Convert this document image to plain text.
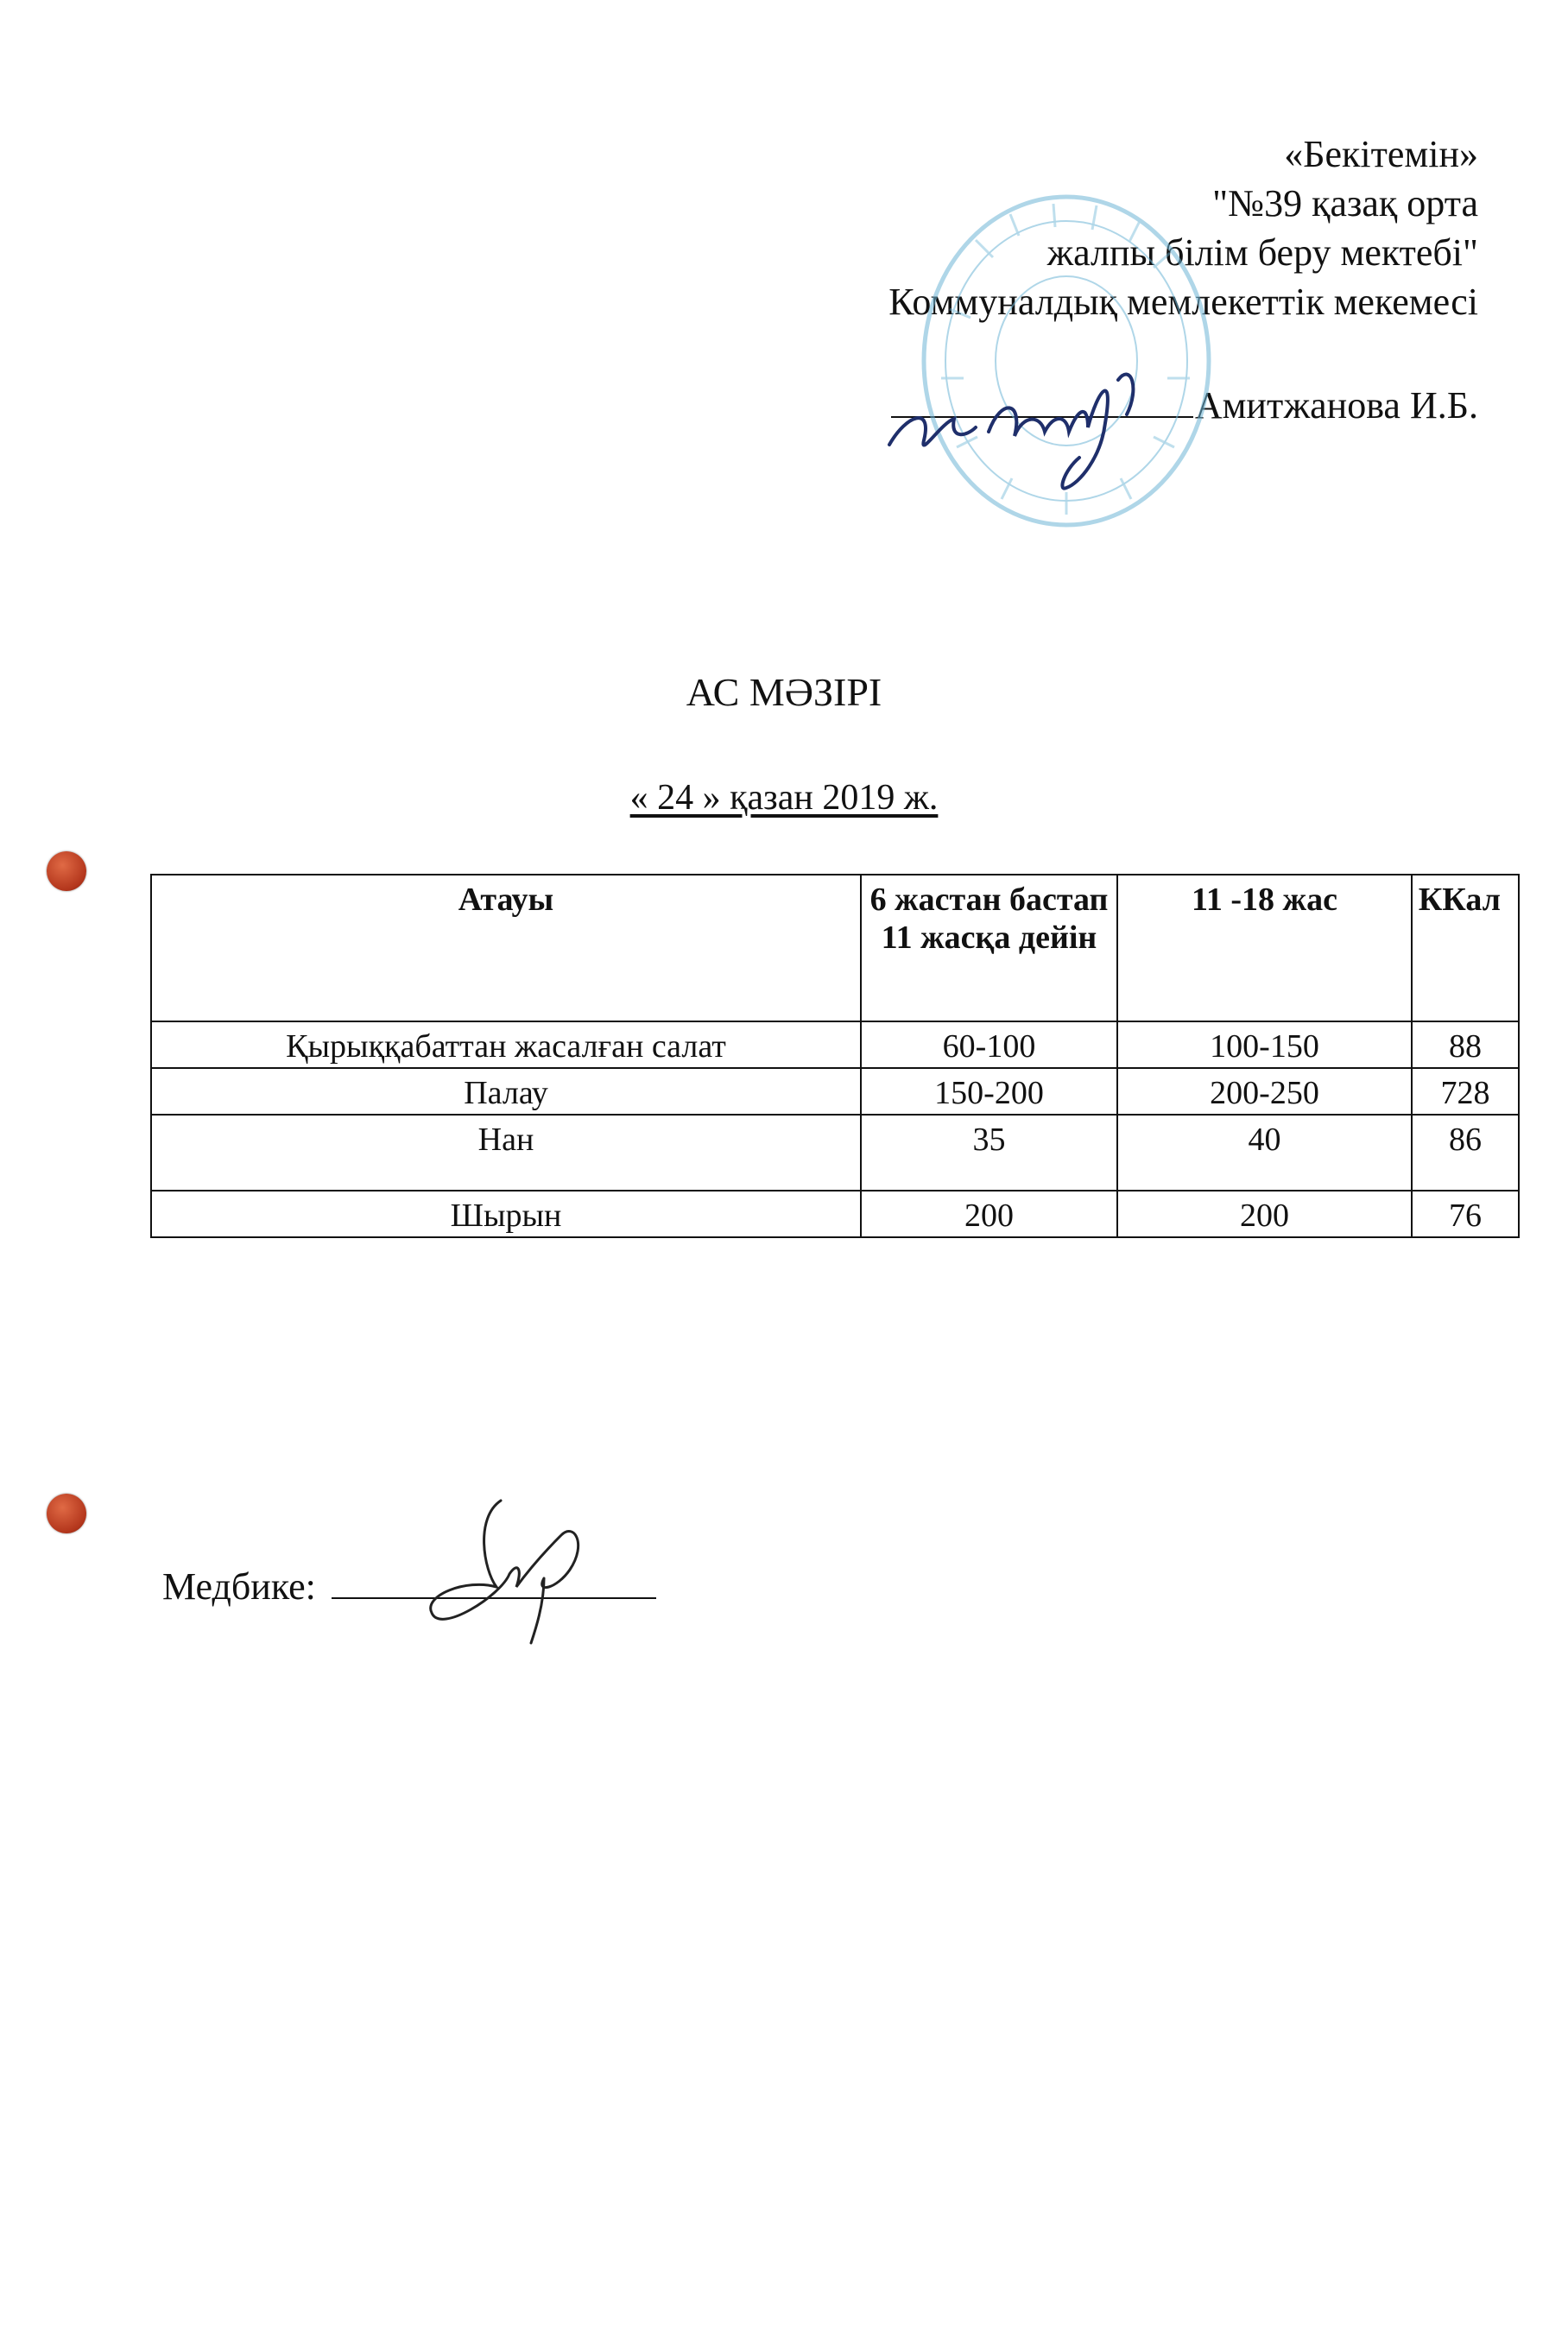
«Бекітемін»
"№39 қазақ орта
жалпы білім беру мектебі"
Коммуналдық мемлекеттік мекемесі
Амитжанова И.Б.
АС МӘЗІРІ
« 24 » қазан 2019 ж.
Атауы	6 жастан бастап 11 жасқа дейін	11 -18 жас	ККал
Қырыққабаттан жасалған салат	60-100	100-150	88
Палау	150-200	200-250	728
Нан	35	40	86
Шырын	200	200	76
Медбике:
